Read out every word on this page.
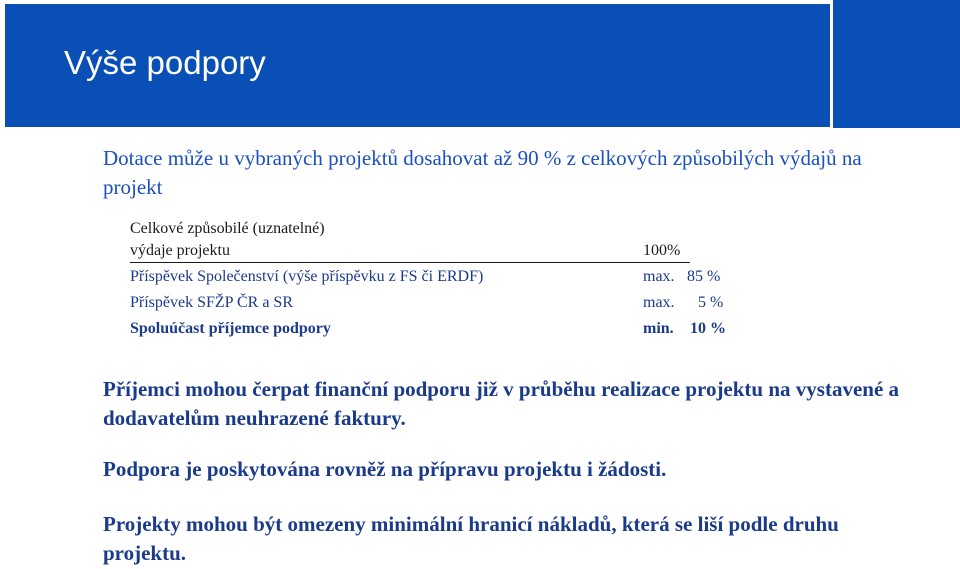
Výše podpory
Dotace může u vybraných projektů dosahovat až 90 % z celkových způsobilých výdajů na projekt
Celkové způsobilé (uznatelné)
výdaje projektu	100%
Příspěvek Společenství (výše příspěvku z FS či ERDF)	max. 85 %
Příspěvek SFŽP ČR a SR	max. 5 %
Spoluúčast příjemce podpory	min. 10 %
Příjemci mohou čerpat finanční podporu již v průběhu realizace projektu na vystavené a dodavatelům neuhrazené faktury.
Podpora je poskytována rovněž na přípravu projektu i žádosti.
Projekty mohou být omezeny minimální hranicí nákladů, která se liší podle druhu projektu.
